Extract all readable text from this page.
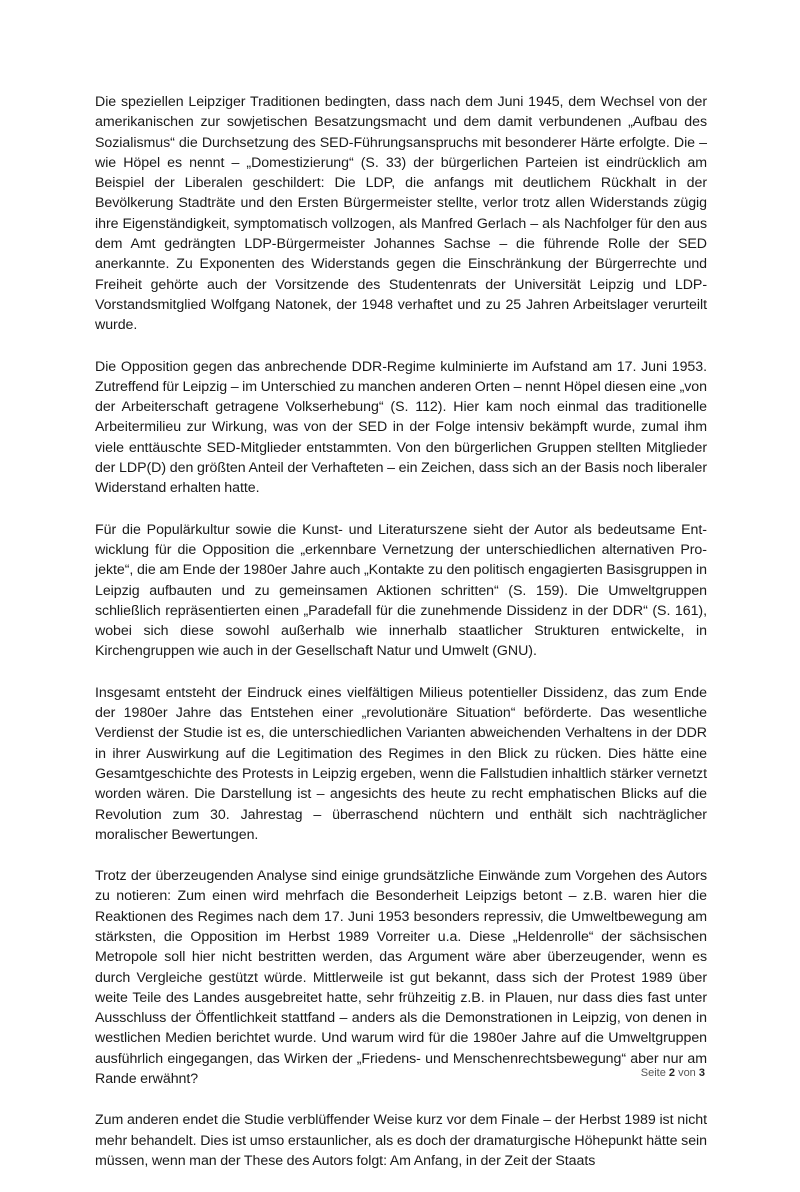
Die speziellen Leipziger Traditionen bedingten, dass nach dem Juni 1945, dem Wechsel von der amerikanischen zur sowjetischen Besatzungsmacht und dem damit verbundenen „Aufbau des Sozialismus“ die Durchsetzung des SED-Führungsanspruchs mit besonderer Härte erfolgte. Die – wie Höpel es nennt – „Domestizierung“ (S. 33) der bürgerlichen Parteien ist eindrücklich am Beispiel der Liberalen geschildert: Die LDP, die anfangs mit deutlichem Rückhalt in der Bevölkerung Stadträte und den Ersten Bürgermeister stellte, verlor trotz allen Widerstands zügig ihre Eigenständigkeit, symptomatisch vollzogen, als Manfred Gerlach – als Nachfolger für den aus dem Amt gedrängten LDP-Bürgermeister Johannes Sachse – die führende Rolle der SED anerkannte. Zu Exponenten des Widerstands gegen die Einschränkung der Bürgerrechte und Freiheit gehörte auch der Vorsitzende des Studentenrats der Universität Leipzig und LDP-Vorstandsmitglied Wolfgang Natonek, der 1948 verhaftet und zu 25 Jahren Arbeitslager verurteilt wurde.

Die Opposition gegen das anbrechende DDR-Regime kulminierte im Aufstand am 17. Juni 1953. Zutreffend für Leipzig – im Unterschied zu manchen anderen Orten – nennt Höpel diesen eine „von der Arbeiterschaft getragene Volkserhebung“ (S. 112). Hier kam noch einmal das traditionelle Arbeitermilieu zur Wirkung, was von der SED in der Folge intensiv bekämpft wurde, zumal ihm viele enttäuschte SED-Mitglieder entstammten. Von den bürgerlichen Gruppen stellten Mitglieder der LDP(D) den größten Anteil der Verhafteten – ein Zeichen, dass sich an der Basis noch liberaler Widerstand erhalten hatte.

Für die Populärkultur sowie die Kunst- und Literaturszene sieht der Autor als bedeutsame Entwicklung für die Opposition die „erkennbare Vernetzung der unterschiedlichen alternativen Projekte“, die am Ende der 1980er Jahre auch „Kontakte zu den politisch engagierten Basisgruppen in Leipzig aufbauten und zu gemeinsamen Aktionen schritten“ (S. 159). Die Umweltgruppen schließlich repräsentierten einen „Paradefall für die zunehmende Dissidenz in der DDR“ (S. 161), wobei sich diese sowohl außerhalb wie innerhalb staatlicher Strukturen entwickelte, in Kirchengruppen wie auch in der Gesellschaft Natur und Umwelt (GNU).

Insgesamt entsteht der Eindruck eines vielfältigen Milieus potentieller Dissidenz, das zum Ende der 1980er Jahre das Entstehen einer „revolutionäre Situation“ beförderte. Das wesentliche Verdienst der Studie ist es, die unterschiedlichen Varianten abweichenden Verhaltens in der DDR in ihrer Auswirkung auf die Legitimation des Regimes in den Blick zu rücken. Dies hätte eine Gesamtgeschichte des Protests in Leipzig ergeben, wenn die Fallstudien inhaltlich stärker vernetzt worden wären. Die Darstellung ist – angesichts des heute zu recht emphatischen Blicks auf die Revolution zum 30. Jahrestag – überraschend nüchtern und enthält sich nachträglicher moralischer Bewertungen.

Trotz der überzeugenden Analyse sind einige grundsätzliche Einwände zum Vorgehen des Autors zu notieren: Zum einen wird mehrfach die Besonderheit Leipzigs betont – z.B. waren hier die Reaktionen des Regimes nach dem 17. Juni 1953 besonders repressiv, die Umweltbewegung am stärksten, die Opposition im Herbst 1989 Vorreiter u.a. Diese „Heldenrolle“ der sächsischen Metropole soll hier nicht bestritten werden, das Argument wäre aber überzeugender, wenn es durch Vergleiche gestützt würde. Mittlerweile ist gut bekannt, dass sich der Protest 1989 über weite Teile des Landes ausgebreitet hatte, sehr frühzeitig z.B. in Plauen, nur dass dies fast unter Ausschluss der Öffentlichkeit stattfand – anders als die Demonstrationen in Leipzig, von denen in westlichen Medien berichtet wurde. Und warum wird für die 1980er Jahre auf die Umweltgruppen ausführlich eingegangen, das Wirken der „Friedens- und Menschenrechtsbewegung“ aber nur am Rande erwähnt?

Zum anderen endet die Studie verblüffender Weise kurz vor dem Finale – der Herbst 1989 ist nicht mehr behandelt. Dies ist umso erstaunlicher, als es doch der dramaturgische Höhepunkt hätte sein müssen, wenn man der These des Autors folgt: Am Anfang, in der Zeit der Staats

Seite 2 von 3
